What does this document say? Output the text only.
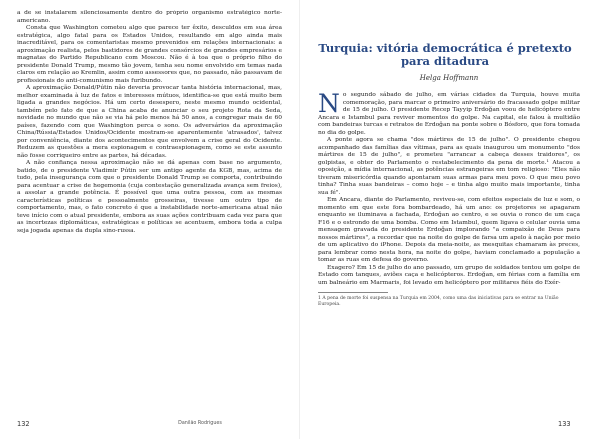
a de se instalarem silenciosamente dentro do próprio organismo estratégico norte-americano.

Consta que Washington cometeu algo que parece ter êxito, desculdos em sua área estratégica, algo fatal para os Estados Unidos, resultando em algo ainda mais inacreditável, para os comentaristas mesmo prevenidos em relações internacionais: a aproximação realista, pelos bastidores de grandes consórcios de grandes empresários e magnatas do Partido Republicano com Moscou. Não é à toa que o próprio filho do presidente Donald Trump, mesmo tão jovem, tenha seu nome envolvido em temas nada claros em relação ao Kremlin, assim como assessores que, no passado, não passavam de profissionais do anti-comunismo mais furibundo.

A aproximação Donald/Pútin não deveria provocar tanta história internacional, mas, melhor examinada à luz de fatos e interesses mútuos, identifica-se que está muito bem ligada a grandes negócios. Há um certo desespero, neste mesmo mundo ocidental, também pelo fato de que a China acaba de anunciar o seu projeto Rota da Seda, novidade no mundo que não se via há pelo menos há 50 anos, a congregar mais de 60 países, fazendo com que Washington perca o sono. Os adversários da aproximação China/Rússia/Estados Unidos/Ocidente mostram-se aparentemente 'atrasados', talvez por conveniência, diante dos acontecimentos que envolvem a crise geral do Ocidente. Reduzem as questões a mera espionagem e contraespionagem, como se este assunto não fosse corriqueiro entre as partes, há décadas.

A não confiança nessa aproximação não se dá apenas com base no argumento, batido, de o presidente Vladimir Pútin ser um antigo agente da KGB, mas, acima de tudo, pela insegurança com que o presidente Donald Trump se comporta, contribuindo para acentuar a crise de hegemonia (cuja contestação generalizada avança sem freios), a assolar a grande potência. É possível que uma outra pessoa, com as mesmas características políticas e pessoalmente grosseiras, tivesse um outro tipo de comportamento, mas, o fato concreto é que a instabilidade norte-americana atual não teve início com o atual presidente, embora as suas ações contribuam cada vez para que as incertezas diplomáticas, estratégicas e políticas se acentuem, embora toda a culpa seja jogada apenas da dupla sino-russa.

132	Danilão Rodrigues
Turquia: vitória democrática é pretexto para ditadura
Helga Hoffmann

No segundo sábado de julho, em várias cidades da Turquia, houve muita comemoração, para marcar o primeiro aniversário do fracassado golpe militar de 15 de julho. O presidente Recep Tayyip Erdoğan voou de helicóptero entre Ancara e Istambul para reviver momentos do golpe. Na capital, ele falou à multidão com bandeiras turcas e retratos de Erdoğan na ponte sobre o Bósforo, que fora tomada no dia do golpe.

A ponte agora se chama "dos mártires de 15 de julho". O presidente chegou acompanhado das famílias das vítimas, para as quais inaugurou um monumento "dos mártires de 15 de julho", e prometeu "arrancar a cabeça desses traidores", os golpistas, e obter do Parlamento o restabelecimento da pena de morte.¹ Atacou a oposição, a mídia internacional, as potências estrangeiras em tom religioso: "Eles não tiveram misericórdia quando apontaram suas armas para meu povo. O que meu povo tinha? Tinha suas bandeiras – como hoje – e tinha algo muito mais importante, tinha sua fé".

Em Ancara, diante do Parlamento, reviveu-se, com efeitos especiais de luz e som, o momento em que este fora bombardeado, há um ano: os projetores se apagaram enquanto se iluminava a fachada, Erdoğan ao centro, e se ouvia o ronco de um caça F16 e o estrondo de uma bomba. Como em Istambul, quem ligava o celular ouvia uma mensagem gravada do presidente Erdoğan implorando "a compaixão de Deus para nossos mártires", a recordar que na noite do golpe de farsa um apelo à nação por meio de um aplicativo do iPhone. Depois da meia-noite, as mesquitas chamaram às preces, para lembrar como nesta hora, na noite do golpe, haviam conclamado a população a tomar as ruas em defesa do governo.

Exagero? Em 15 de julho do ano passado, um grupo de soldados tentou um golpe de Estado com tanques, aviões caça e helicópteros. Erdoğan, em férias com a família em um balneário em Marmaris, foi levado em helicóptero por militares fiéis do Exér-

1 A pena de morte foi suspensa na Turquia em 2004, como uma das iniciativas para se entrar na União Europeia.

133
